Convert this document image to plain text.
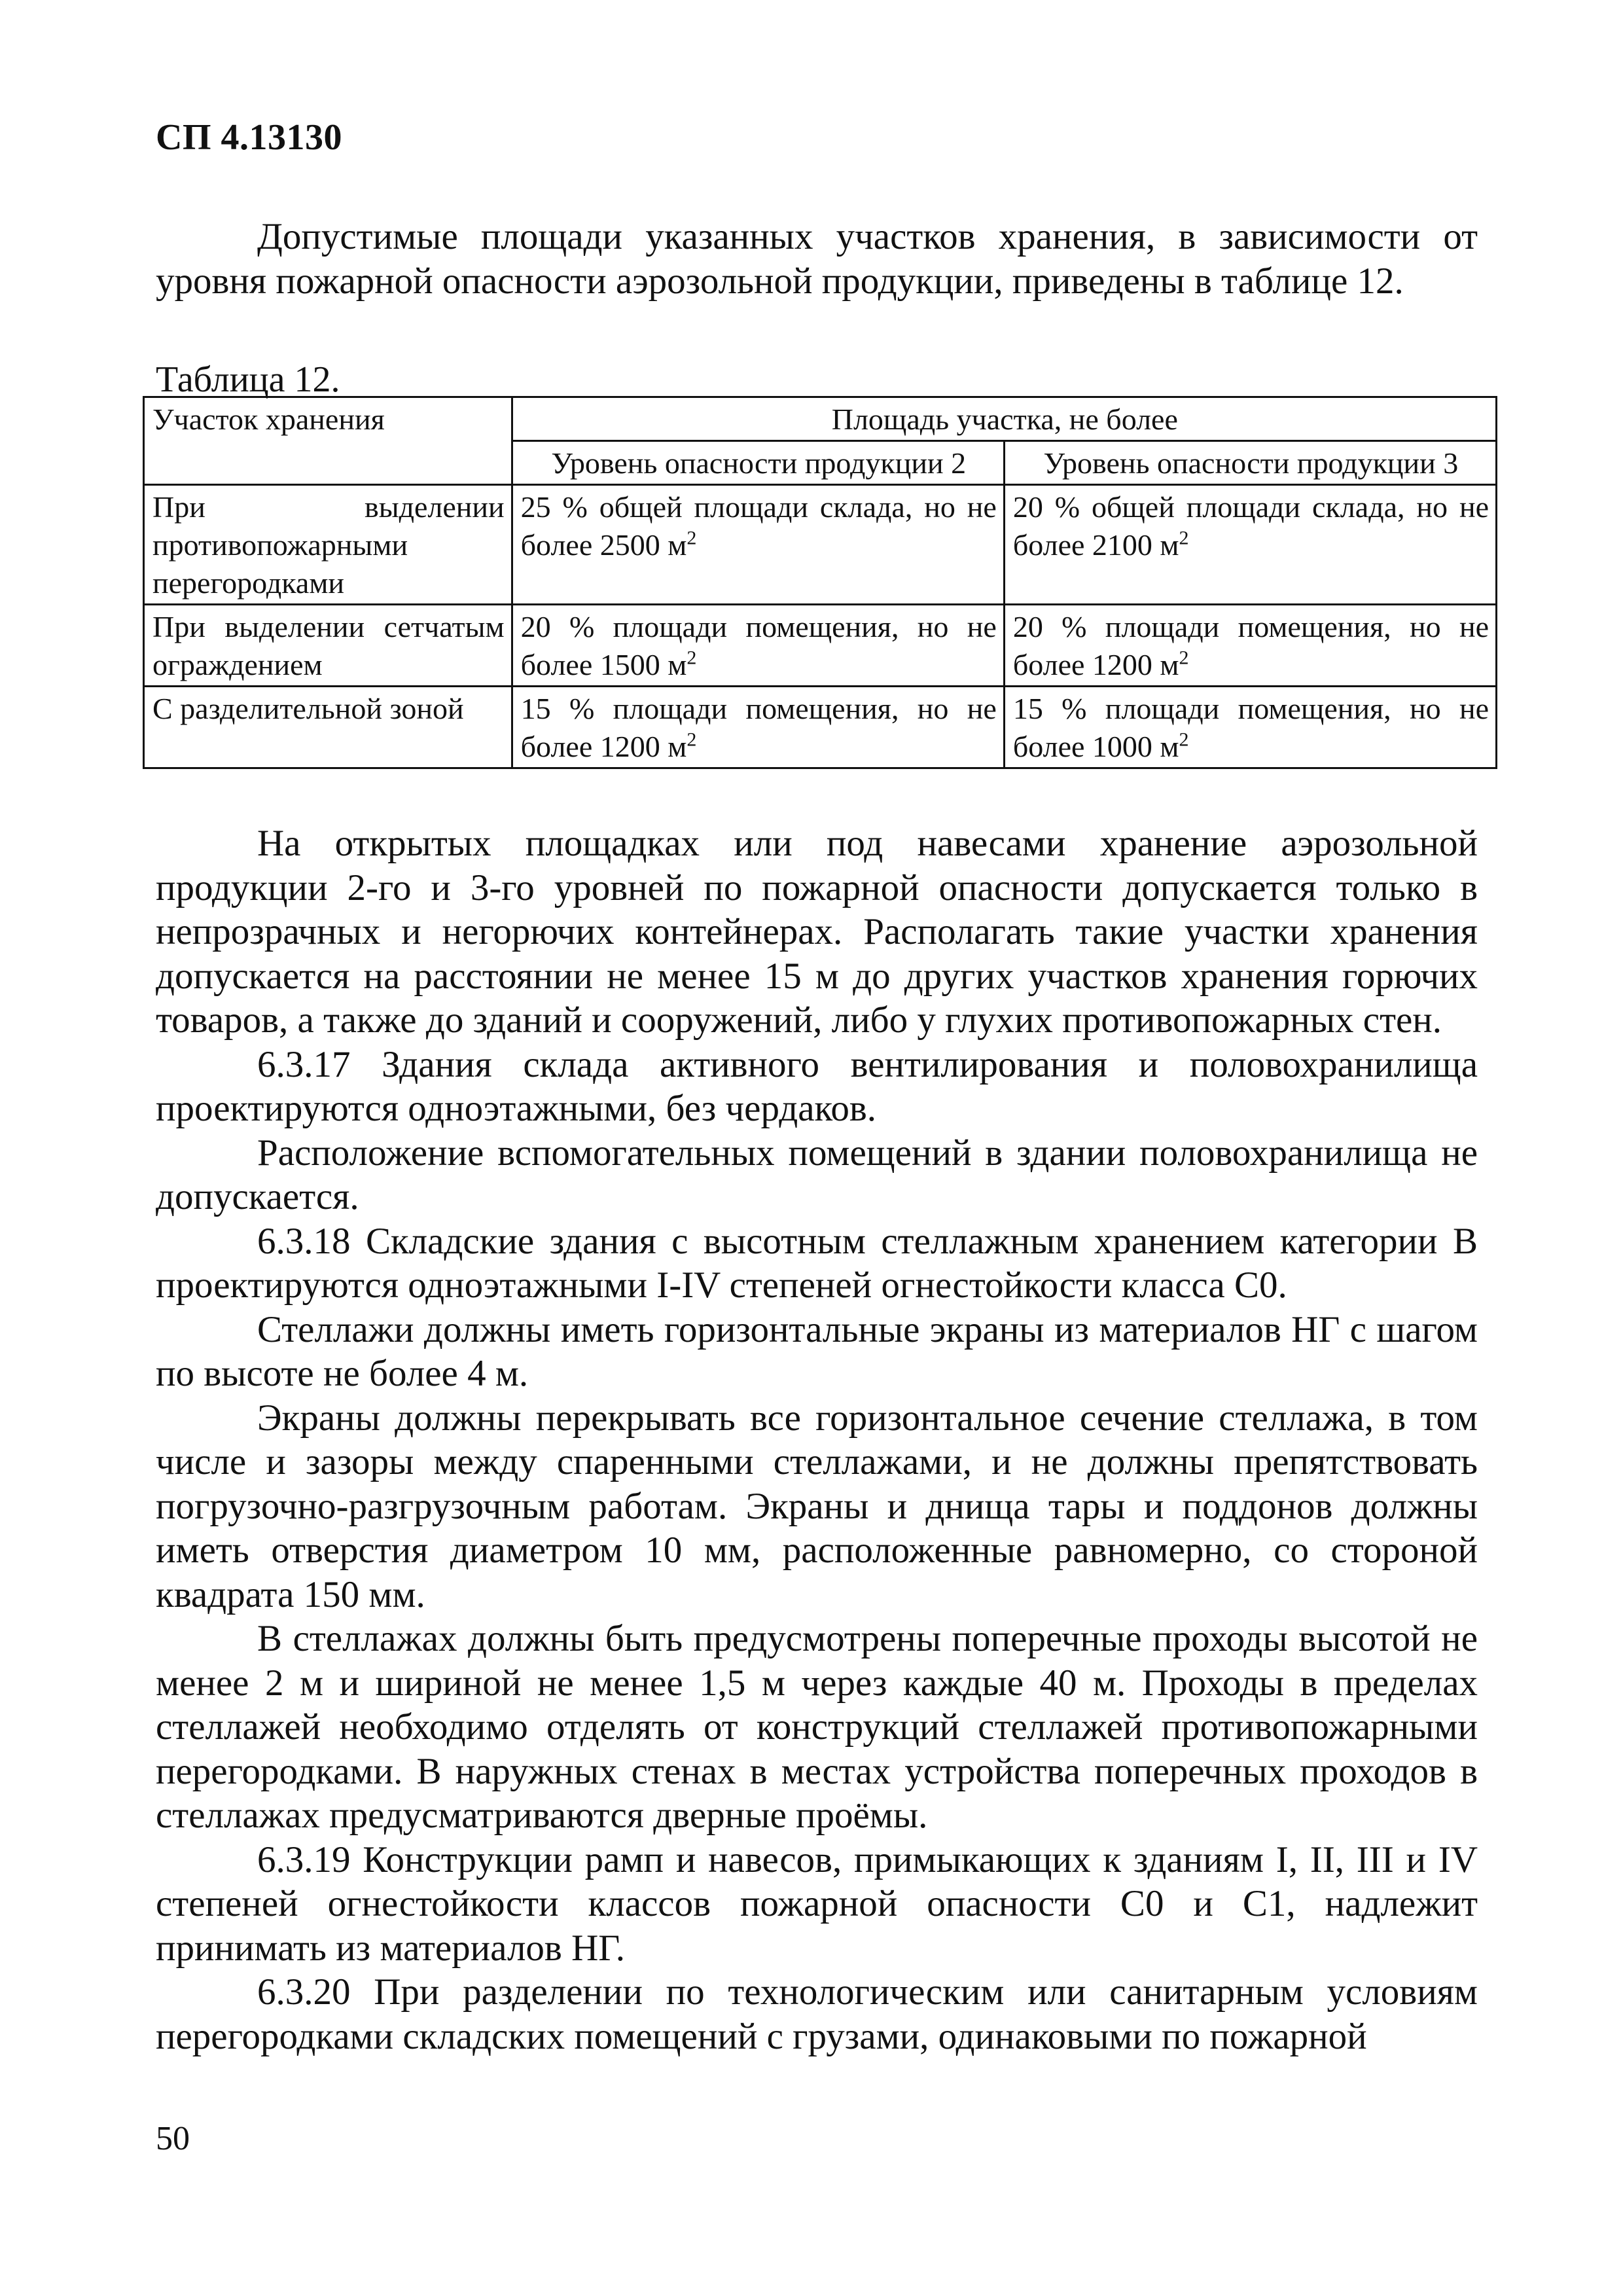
СП 4.13130

Допустимые площади указанных участков хранения, в зависимости от уровня пожарной опасности аэрозольной продукции, приведены в таблице 12.

Таблица 12.
Участок хранения	Площадь участка, не более	
	Уровень опасности продукции 2	Уровень опасности продукции 3
При выделении противопожарными перегородками	25 % общей площади склада, но не более 2500 $м^2$	20 % общей площади склада, но не более 2100 $м^2$
При выделении сетчатым ограждением	20 % площади помещения, но не более 1500 $м^2$	20 % площади помещения, но не более 1200 $м^2$
С разделительной зоной	15 % площади помещения, но не более 1200 $м^2$	15 % площади помещения, но не более 1000 $м^2$

На открытых площадках или под навесами хранение аэрозольной продукции 2-го и 3-го уровней по пожарной опасности допускается только в непрозрачных и негорючих контейнерах. Располагать такие участки хранения допускается на расстоянии не менее 15 м до других участков хранения горючих товаров, а также до зданий и сооружений, либо у глухих противопожарных стен.

6.3.17 Здания склада активного вентилирования и половохранилища проектируются одноэтажными, без чердаков.

Расположение вспомогательных помещений в здании половохранилища не допускается.

6.3.18 Складские здания с высотным стеллажным хранением категории В проектируются одноэтажными I-IV степеней огнестойкости класса С0.

Стеллажи должны иметь горизонтальные экраны из материалов НГ с шагом по высоте не более 4 м.

Экраны должны перекрывать все горизонтальное сечение стеллажа, в том числе и зазоры между спаренными стеллажами, и не должны препятствовать погрузочно-разгрузочным работам. Экраны и днища тары и поддонов должны иметь отверстия диаметром 10 мм, расположенные равномерно, со стороной квадрата 150 мм.

В стеллажах должны быть предусмотрены поперечные проходы высотой не менее 2 м и шириной не менее 1,5 м через каждые 40 м. Проходы в пределах стеллажей необходимо отделять от конструкций стеллажей противопожарными перегородками. В наружных стенах в местах устройства поперечных проходов в стеллажах предусматриваются дверные проёмы.

6.3.19 Конструкции рамп и навесов, примыкающих к зданиям I, II, III и IV степеней огнестойкости классов пожарной опасности С0 и С1, надлежит принимать из материалов НГ.

6.3.20 При разделении по технологическим или санитарным условиям перегородками складских помещений с грузами, одинаковыми по пожарной

50
